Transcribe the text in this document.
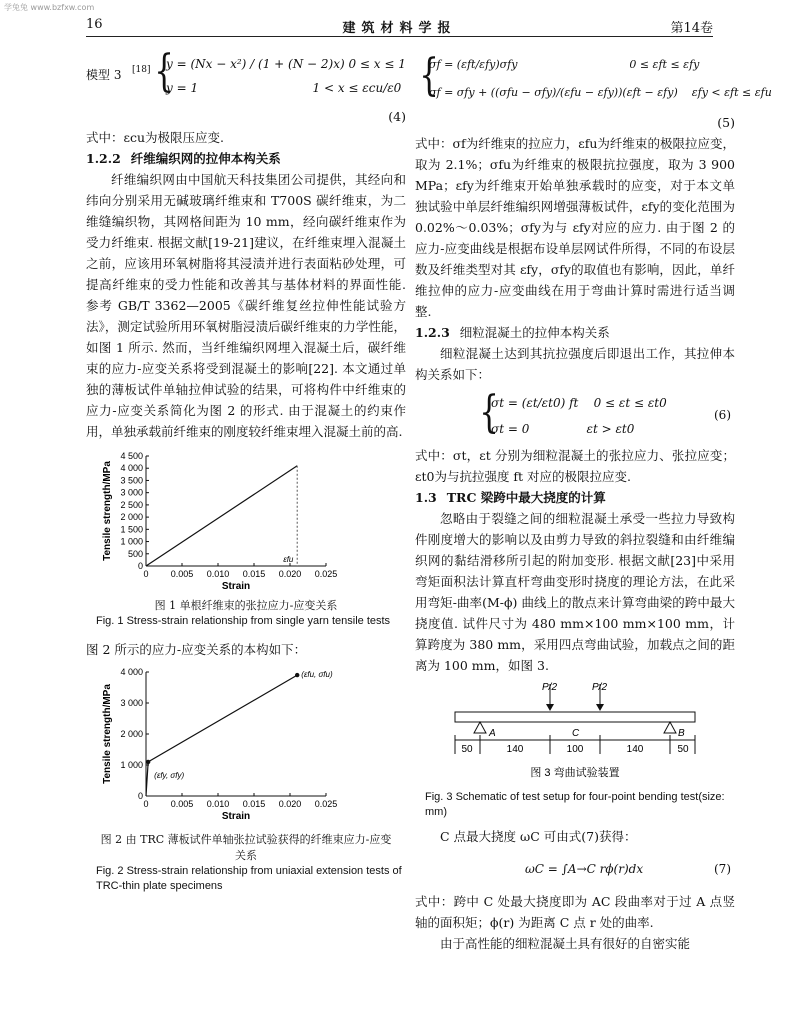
学兔兔 www.bzfxw.com
16	建筑材料学报	第14卷
模型 3 [18] {
y = (Nx − x²) / (1 + (N − 2)x) 0 ≤ x ≤ 1
y = 1                              1 < x ≤ εcu/ε0
(4)

式中：εcu为极限压应变.

1.2.2 纤维编织网的拉伸本构关系

纤维编织网由中国航天科技集团公司提供，其经向和纬向分别采用无碱玻璃纤维束和 T700S 碳纤维束，为二维缝编织物，其网格间距为 10 mm，经向碳纤维束作为受力纤维束. 根据文献[19-21]建议，在纤维束埋入混凝土之前，应该用环氧树脂将其浸渍并进行表面粘砂处理，可提高纤维束的受力性能和改善其与基体材料的界面性能. 参考 GB/T 3362—2005《碳纤维复丝拉伸性能试验方法》，测定试验所用环氧树脂浸渍后碳纤维束的力学性能，如图 1 所示. 然而，当纤维编织网埋入混凝土后，碳纤维束的应力-应变关系将受到混凝土的影响[22]. 本文通过单独的薄板试件单轴拉伸试验的结果，可将构件中纤维束的应力-应变关系简化为图 2 的形式. 由于混凝土的约束作用，单独承载前纤维束的刚度较纤维束埋入混凝土前的高.

0 0.005 0.010 0.015 0.020 0.025
0
500
1 000
1 500
2 000
2 500
3 000
3 500
4 000
4 500
Strain
Tensile strength/MPa	εfu
图 1 单根纤维束的张拉应力-应变关系
Fig. 1 Stress-strain relationship from single yarn tensile tests

图 2 所示的应力-应变关系的本构如下：

0 0.005 0.010 0.015 0.020 0.025
0
1 000
2 000
3 000
4 000
Strain
Tensile strength/MPa	(εfy, σfy)
(εfu, σfu)
图 2 由 TRC 薄板试件单轴张拉试验获得的纤维束应力-应变关系
Fig. 2 Stress-strain relationship from uniaxial extension tests of TRC-thin plate specimens
{
σf = (εft/εfy)σfy                                0 ≤ εft ≤ εfy
σf = σfy + ((σfu − σfy)/(εfu − εfy))(εft − εfy)    εfy < εft ≤ εfu
(5)

式中：σf为纤维束的拉应力，εfu为纤维束的极限拉应变，取为 2.1%；σfu为纤维束的极限抗拉强度，取为 3 900 MPa；εfy为纤维束开始单独承载时的应变，对于本文单独试验中单层纤维编织网增强薄板试件，εfy的变化范围为 0.02%～0.03%；σfy为与 εfy对应的应力. 由于图 2 的应力-应变曲线是根据布设单层网试件所得，不同的布设层数及纤维类型对其 εfy，σfy的取值也有影响，因此，单纤维拉伸的应力-应变曲线在用于弯曲计算时需进行适当调整.

1.2.3 细粒混凝土的拉伸本构关系

细粒混凝土达到其抗拉强度后即退出工作，其拉伸本构关系如下：

{
σt = (εt/εt0) ft    0 ≤ εt ≤ εt0
σt = 0               εt > εt0
(6)

式中：σt，εt 分别为细粒混凝土的张拉应力、张拉应变；εt0为与抗拉强度 ft 对应的极限拉应变.

1.3 TRC 梁跨中最大挠度的计算

忽略由于裂缝之间的细粒混凝土承受一些拉力导致构件刚度增大的影响以及由剪力导致的斜拉裂缝和由纤维编织网的黏结滑移所引起的附加变形. 根据文献[23]中采用弯矩面积法计算直杆弯曲变形时挠度的理论方法，在此采用弯矩-曲率(M-ϕ) 曲线上的散点来计算弯曲梁的跨中最大挠度值. 试件尺寸为 480 mm×100 mm×100 mm，计算跨度为 380 mm，采用四点弯曲试验，加载点之间的距离为 100 mm，如图 3.

P/2	P/2
A	C	B
50	140	100	140	50
图 3 弯曲试验装置
Fig. 3 Schematic of test setup for four-point bending test(size: mm)

C 点最大挠度 ωC 可由式(7)获得：

ωC = ∫A→C rϕ(r)dx	(7)

式中：跨中 C 处最大挠度即为 AC 段曲率对于过 A 点竖轴的面积矩；ϕ(r) 为距离 C 点 r 处的曲率.

由于高性能的细粒混凝土具有很好的自密实能
